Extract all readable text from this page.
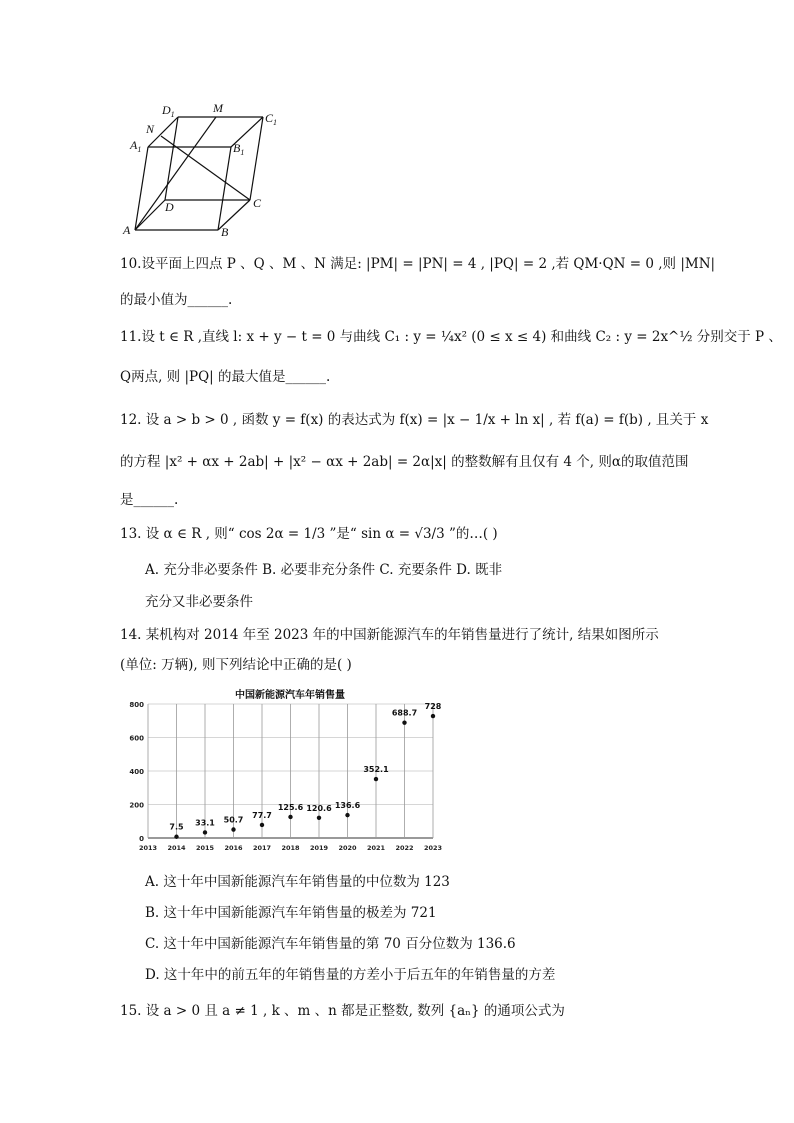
$D_1$	M
$C_1$
N
$A_1$	$B_1$
D	C
A	B
10.设平面上四点 P 、Q 、M 、N 满足: |PM| = |PN| = 4 , |PQ| = 2 ,若 QM·QN = 0 ,则 |MN|
的最小值为______.
11.设 t ∈ R ,直线 l: x + y − t = 0 与曲线 C₁ : y = ¼x² (0 ≤ x ≤ 4) 和曲线 C₂ : y = 2x^½ 分别交于 P 、
Q两点, 则 |PQ| 的最大值是______.
12. 设 a > b > 0 , 函数 y = f(x) 的表达式为 f(x) = |x − 1/x + ln x| , 若 f(a) = f(b) , 且关于 x
的方程 |x² + αx + 2ab| + |x² − αx + 2ab| = 2α|x| 的整数解有且仅有 4 个, 则α的取值范围
是______.
13. 设 α ∈ R , 则“ cos 2α = 1/3 ”是“ sin α = √3/3 ”的…( )
A. 充分非必要条件 B. 必要非充分条件 C. 充要条件 D. 既非
充分又非必要条件
14. 某机构对 2014 年至 2023 年的中国新能源汽车的年销售量进行了统计, 结果如图所示
(单位: 万辆), 则下列结论中正确的是( )
中国新能源汽车年销售量
0
200
400
600
800
2013 2014 2015 2016 2017 2018 2019 2020 2021 2022 2023
7.5 33.1 50.7
77.7
125.6 120.6 136.6
352.1
688.7
728
A. 这十年中国新能源汽车年销售量的中位数为 123
B. 这十年中国新能源汽车年销售量的极差为 721
C. 这十年中国新能源汽车年销售量的第 70 百分位数为 136.6
D. 这十年中的前五年的年销售量的方差小于后五年的年销售量的方差
15. 设 a > 0 且 a ≠ 1 , k 、m 、n 都是正整数, 数列 {aₙ} 的通项公式为
